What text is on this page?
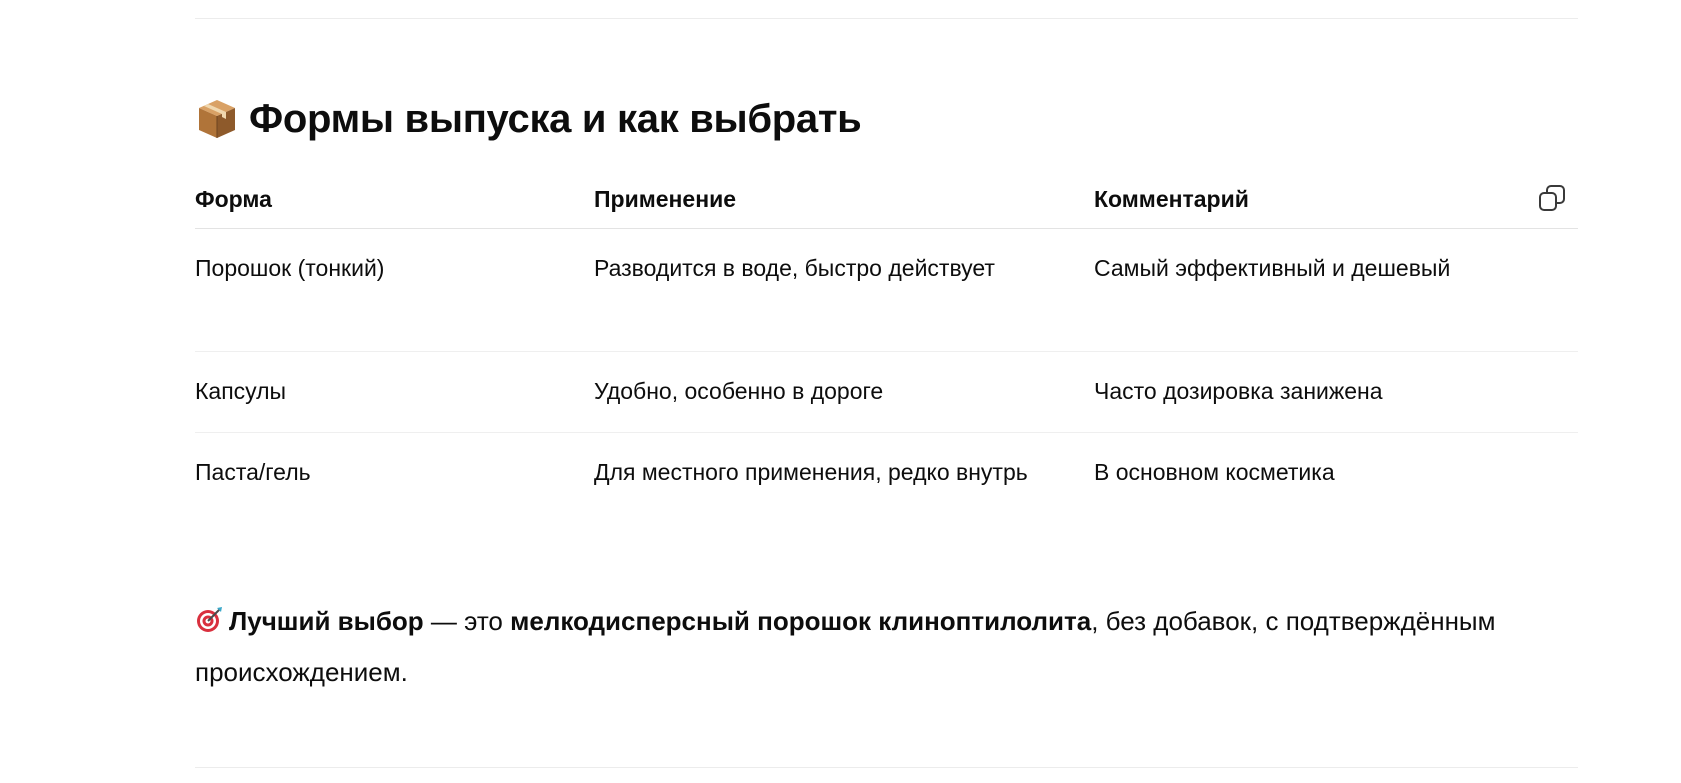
Формы выпуска и как выбрать
Форма	Применение	Комментарий
Порошок (тонкий)	Разводится в воде, быстро действует	Самый эффективный и дешевый
Капсулы	Удобно, особенно в дороге	Часто дозировка занижена
Паста/гель	Для местного применения, редко внутрь	В основном косметика

Лучший выбор — это мелкодисперсный порошок клиноптилолита, без добавок, с подтверждённым происхождением.
